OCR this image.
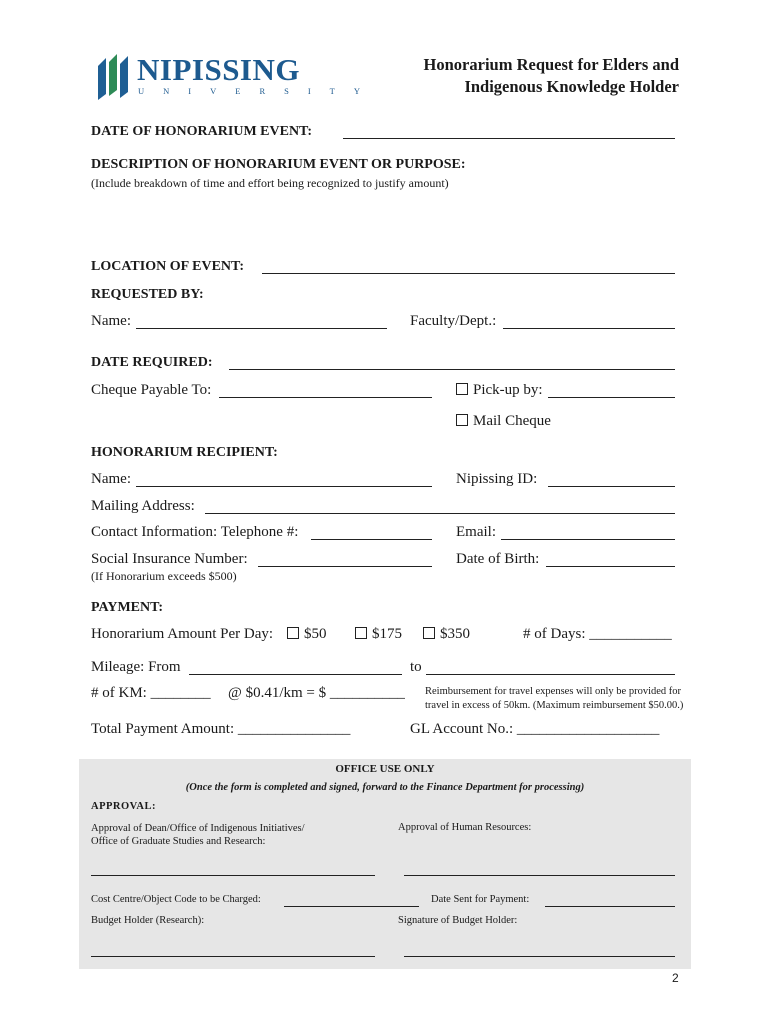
NIPISSING
UNIVERSITY
Honorarium Request for Elders and
Indigenous Knowledge Holder
DATE OF HONORARIUM EVENT:
DESCRIPTION OF HONORARIUM EVENT OR PURPOSE:
(Include breakdown of time and effort being recognized to justify amount)
LOCATION OF EVENT:
REQUESTED BY:
Name:	Faculty/Dept.:
DATE REQUIRED:
Cheque Payable To:	Pick-up by:
Mail Cheque
HONORARIUM RECIPIENT:
Name:	Nipissing ID:
Mailing Address:
Contact Information: Telephone #:	Email:
Social Insurance Number:	Date of Birth:
(If Honorarium exceeds $500)
PAYMENT:
Honorarium Amount Per Day:	$50	$175	$350	# of Days: ___________
Mileage: From	to
# of KM: ________ @ $0.41/km = $ __________ Reimbursement for travel expenses will only be provided for
travel in excess of 50km. (Maximum reimbursement $50.00.)
Total Payment Amount: _______________	GL Account No.: ___________________
OFFICE USE ONLY
(Once the form is completed and signed, forward to the Finance Department for processing)
APPROVAL:
Approval of Dean/Office of Indigenous Initiatives/
Office of Graduate Studies and Research:
Approval of Human Resources:
Cost Centre/Object Code to be Charged:	Date Sent for Payment:
Budget Holder (Research):	Signature of Budget Holder:
2
